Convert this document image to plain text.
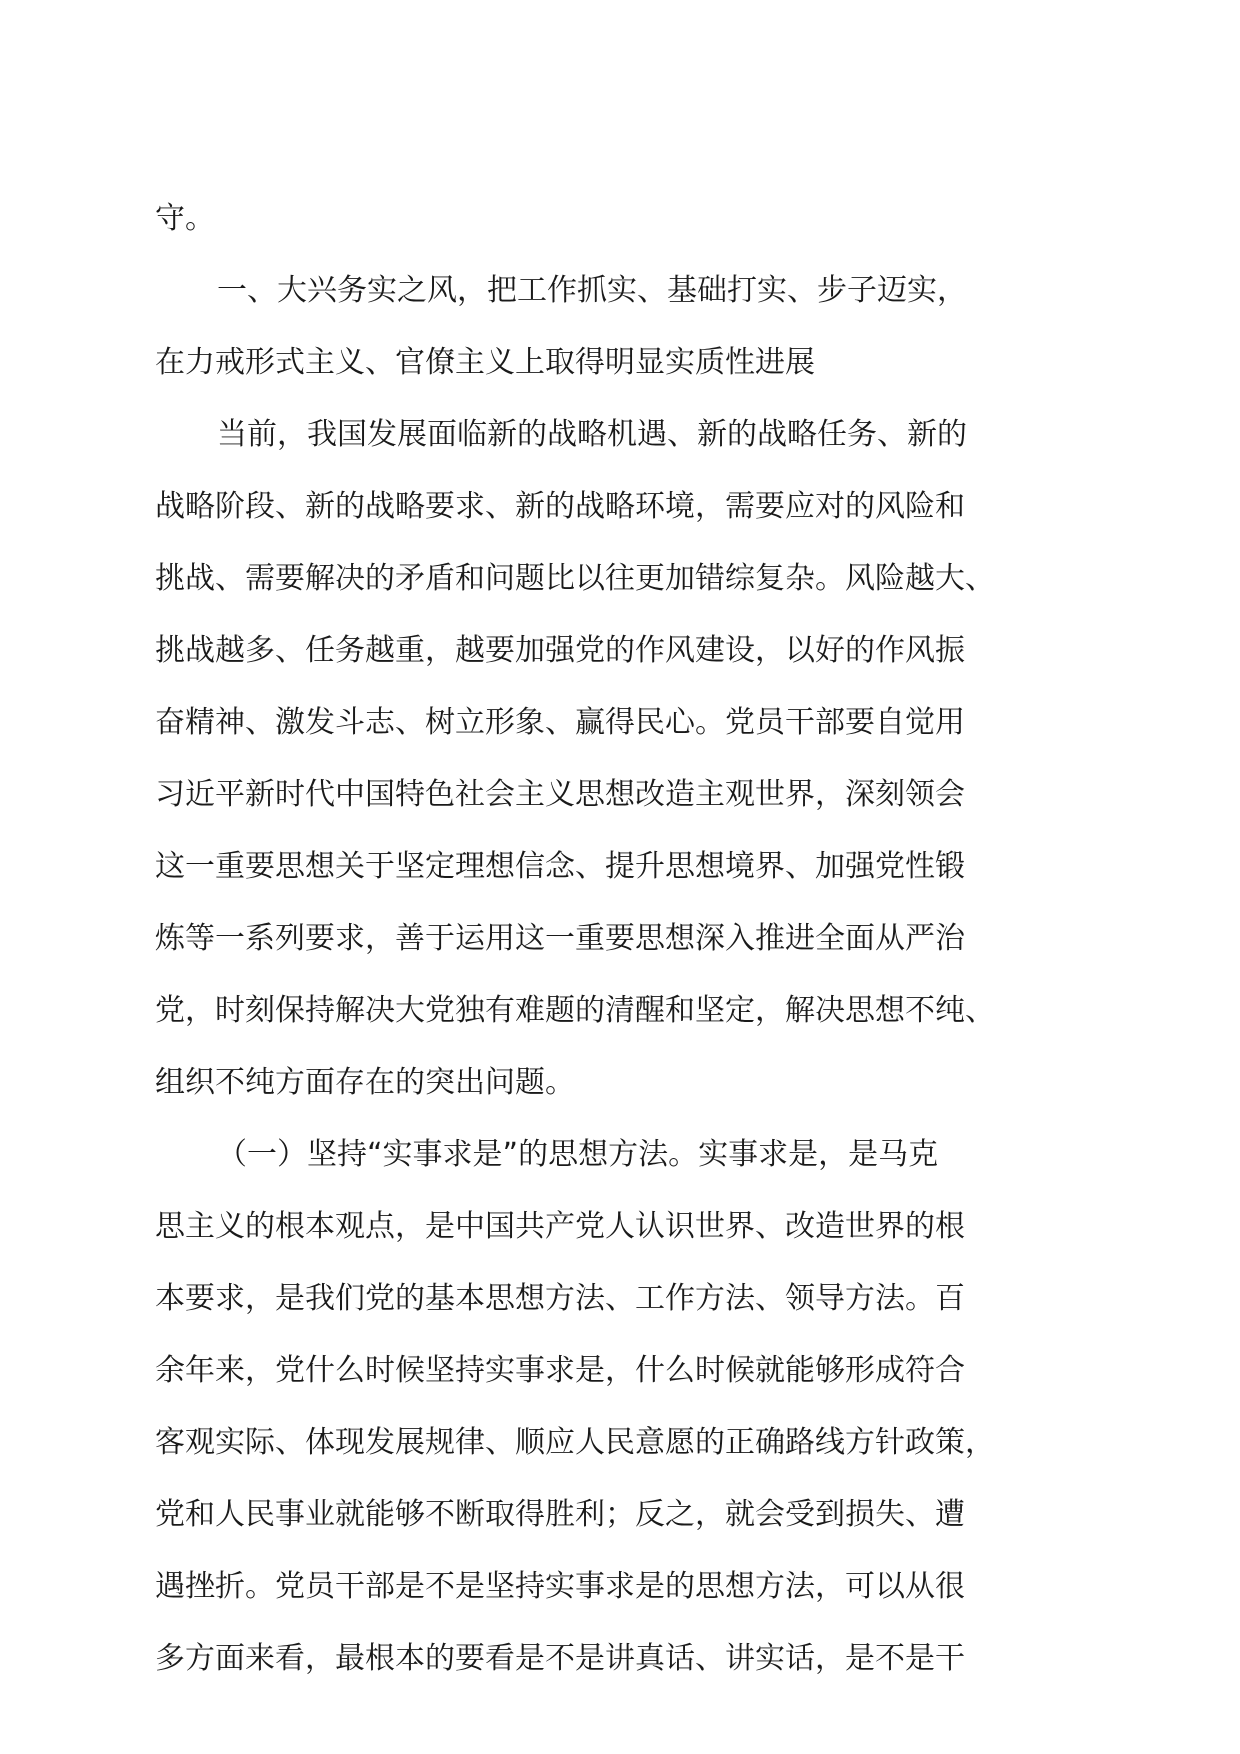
守。
一、大兴务实之风，把工作抓实、基础打实、步子迈实，
在力戒形式主义、官僚主义上取得明显实质性进展
当前，我国发展面临新的战略机遇、新的战略任务、新的
战略阶段、新的战略要求、新的战略环境，需要应对的风险和
挑战、需要解决的矛盾和问题比以往更加错综复杂。风险越大、
挑战越多、任务越重，越要加强党的作风建设，以好的作风振
奋精神、激发斗志、树立形象、赢得民心。党员干部要自觉用
习近平新时代中国特色社会主义思想改造主观世界，深刻领会
这一重要思想关于坚定理想信念、提升思想境界、加强党性锻
炼等一系列要求，善于运用这一重要思想深入推进全面从严治
党，时刻保持解决大党独有难题的清醒和坚定，解决思想不纯、
组织不纯方面存在的突出问题。
（一）坚持“实事求是”的思想方法。实事求是，是马克
思主义的根本观点，是中国共产党人认识世界、改造世界的根
本要求，是我们党的基本思想方法、工作方法、领导方法。百
余年来，党什么时候坚持实事求是，什么时候就能够形成符合
客观实际、体现发展规律、顺应人民意愿的正确路线方针政策，
党和人民事业就能够不断取得胜利；反之，就会受到损失、遭
遇挫折。党员干部是不是坚持实事求是的思想方法，可以从很
多方面来看，最根本的要看是不是讲真话、讲实话，是不是干
